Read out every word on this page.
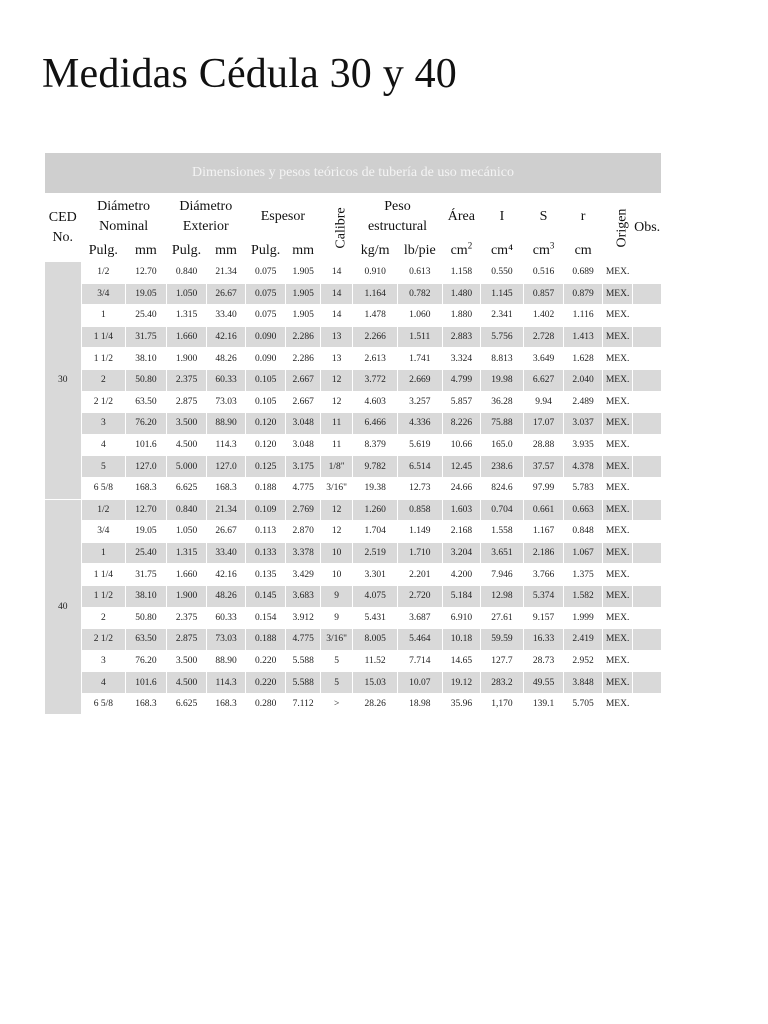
Medidas Cédula 30 y 40
Dimensiones y pesos teóricos de tubería de uso mecánico															
CED No.	Diámetro Nominal		Diámetro Exterior		Espesor		Calibre	Peso estructural		Área	I	S	r	Origen	Obs.
	Pulg.	mm	Pulg.	mm	Pulg.	mm		kg/m	lb/pie	$cm^2$	cm⁴	$cm^3$	cm		
30	1/2	12.70	0.840	21.34	0.075	1.905	14	0.910	0.613	1.158	0.550	0.516	0.689	MEX.	
	3/4	19.05	1.050	26.67	0.075	1.905	14	1.164	0.782	1.480	1.145	0.857	0.879	MEX.	
	1	25.40	1.315	33.40	0.075	1.905	14	1.478	1.060	1.880	2.341	1.402	1.116	MEX.	
	1 1/4	31.75	1.660	42.16	0.090	2.286	13	2.266	1.511	2.883	5.756	2.728	1.413	MEX.	
	1 1/2	38.10	1.900	48.26	0.090	2.286	13	2.613	1.741	3.324	8.813	3.649	1.628	MEX.	
	2	50.80	2.375	60.33	0.105	2.667	12	3.772	2.669	4.799	19.98	6.627	2.040	MEX.	
	2 1/2	63.50	2.875	73.03	0.105	2.667	12	4.603	3.257	5.857	36.28	9.94	2.489	MEX.	
	3	76.20	3.500	88.90	0.120	3.048	11	6.466	4.336	8.226	75.88	17.07	3.037	MEX.	
	4	101.6	4.500	114.3	0.120	3.048	11	8.379	5.619	10.66	165.0	28.88	3.935	MEX.	
	5	127.0	5.000	127.0	0.125	3.175	1/8"	9.782	6.514	12.45	238.6	37.57	4.378	MEX.	
	6 5/8	168.3	6.625	168.3	0.188	4.775	3/16"	19.38	12.73	24.66	824.6	97.99	5.783	MEX.	
40	1/2	12.70	0.840	21.34	0.109	2.769	12	1.260	0.858	1.603	0.704	0.661	0.663	MEX.	
	3/4	19.05	1.050	26.67	0.113	2.870	12	1.704	1.149	2.168	1.558	1.167	0.848	MEX.	
	1	25.40	1.315	33.40	0.133	3.378	10	2.519	1.710	3.204	3.651	2.186	1.067	MEX.	
	1 1/4	31.75	1.660	42.16	0.135	3.429	10	3.301	2.201	4.200	7.946	3.766	1.375	MEX.	
	1 1/2	38.10	1.900	48.26	0.145	3.683	9	4.075	2.720	5.184	12.98	5.374	1.582	MEX.	
	2	50.80	2.375	60.33	0.154	3.912	9	5.431	3.687	6.910	27.61	9.157	1.999	MEX.	
	2 1/2	63.50	2.875	73.03	0.188	4.775	3/16"	8.005	5.464	10.18	59.59	16.33	2.419	MEX.	
	3	76.20	3.500	88.90	0.220	5.588	5	11.52	7.714	14.65	127.7	28.73	2.952	MEX.	
	4	101.6	4.500	114.3	0.220	5.588	5	15.03	10.07	19.12	283.2	49.55	3.848	MEX.	
	6 5/8	168.3	6.625	168.3	0.280	7.112	>	28.26	18.98	35.96	1,170	139.1	5.705	MEX.	
